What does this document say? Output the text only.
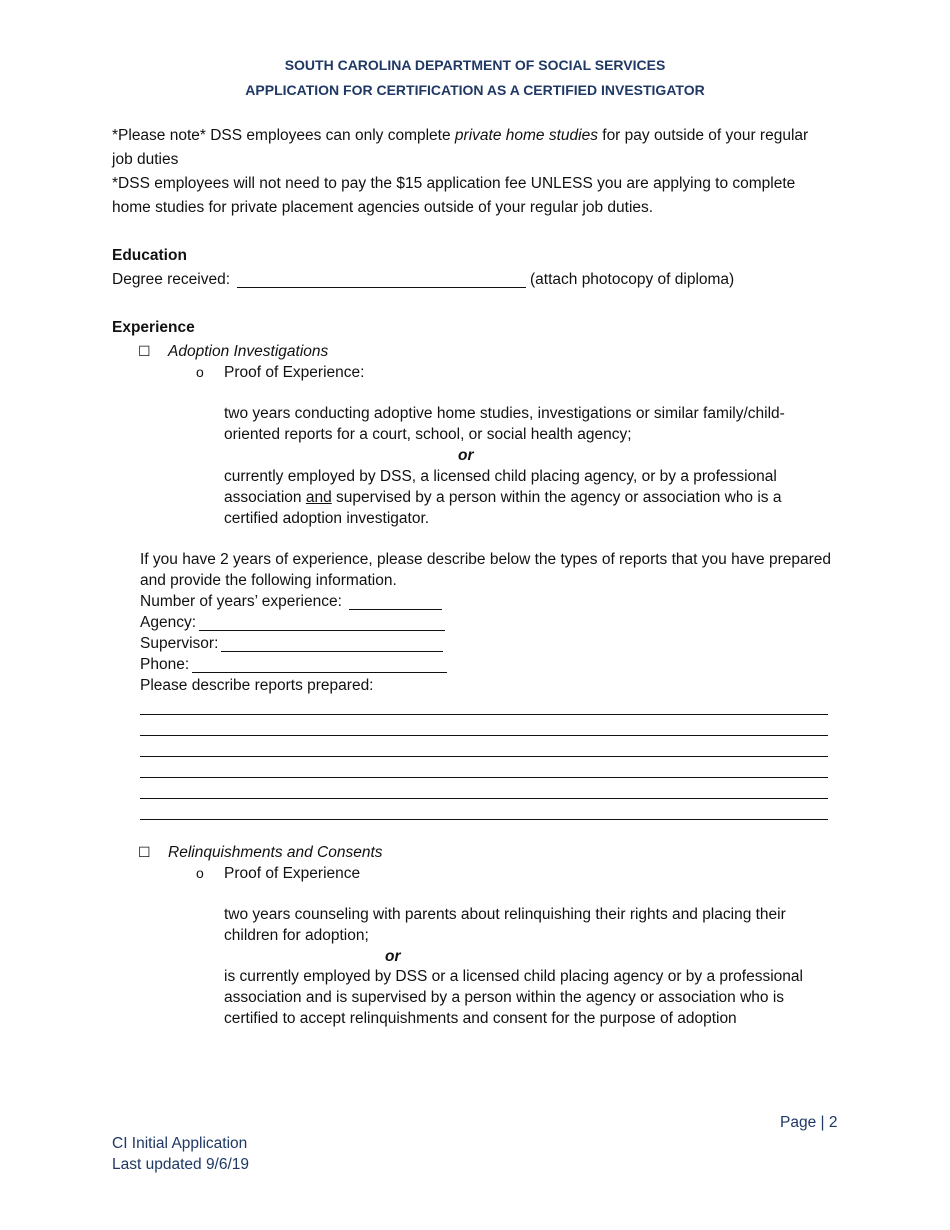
SOUTH CAROLINA DEPARTMENT OF SOCIAL SERVICES
APPLICATION FOR CERTIFICATION AS A CERTIFIED INVESTIGATOR
*Please note* DSS employees can only complete private home studies for pay outside of your regular
job duties
*DSS employees will not need to pay the $15 application fee UNLESS you are applying to complete
home studies for private placement agencies outside of your regular job duties.
Education
Degree received:	(attach photocopy of diploma)
Experience
☐ Adoption Investigations
o Proof of Experience:
two years conducting adoptive home studies, investigations or similar family/child-
oriented reports for a court, school, or social health agency;
or
currently employed by DSS, a licensed child placing agency, or by a professional
association and supervised by a person within the agency or association who is a
certified adoption investigator.
If you have 2 years of experience, please describe below the types of reports that you have prepared
and provide the following information.
Number of years’ experience:
Agency:
Supervisor:
Phone:
Please describe reports prepared:
☐ Relinquishments and Consents
o Proof of Experience
two years counseling with parents about relinquishing their rights and placing their
children for adoption;
or
is currently employed by DSS or a licensed child placing agency or by a professional
association and is supervised by a person within the agency or association who is
certified to accept relinquishments and consent for the purpose of adoption
Page | 2
CI Initial Application
Last updated 9/6/19
